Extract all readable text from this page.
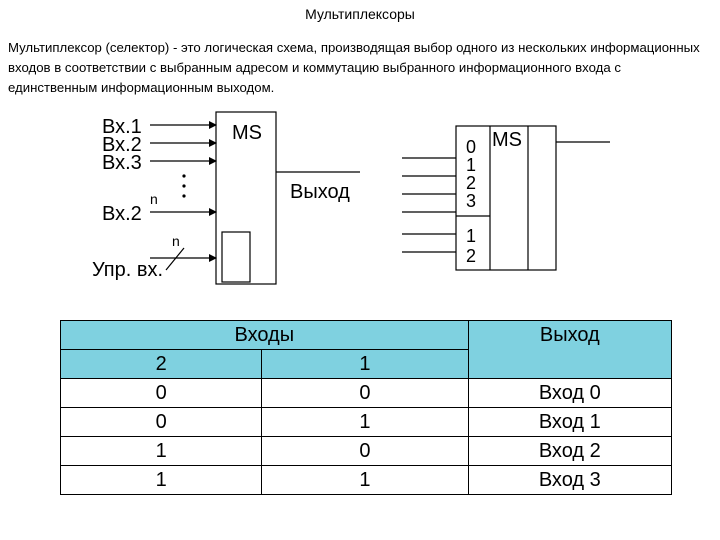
Мультиплексоры
Мультиплексор (селектор) - это логическая схема, производящая выбор одного из нескольких информационных входов в соответствии с выбранным адресом и коммутацию выбранного информационного входа с единственным информационным выходом.
MS
Вх.1
Вх.2
Вх.3
Вх.2
n	Выход
n
Упр. вх.
MS
0
1
2
3
1
2
Входы		Выход
2	1	
0	0	Вход 0
0	1	Вход 1
1	0	Вход 2
1	1	Вход 3
